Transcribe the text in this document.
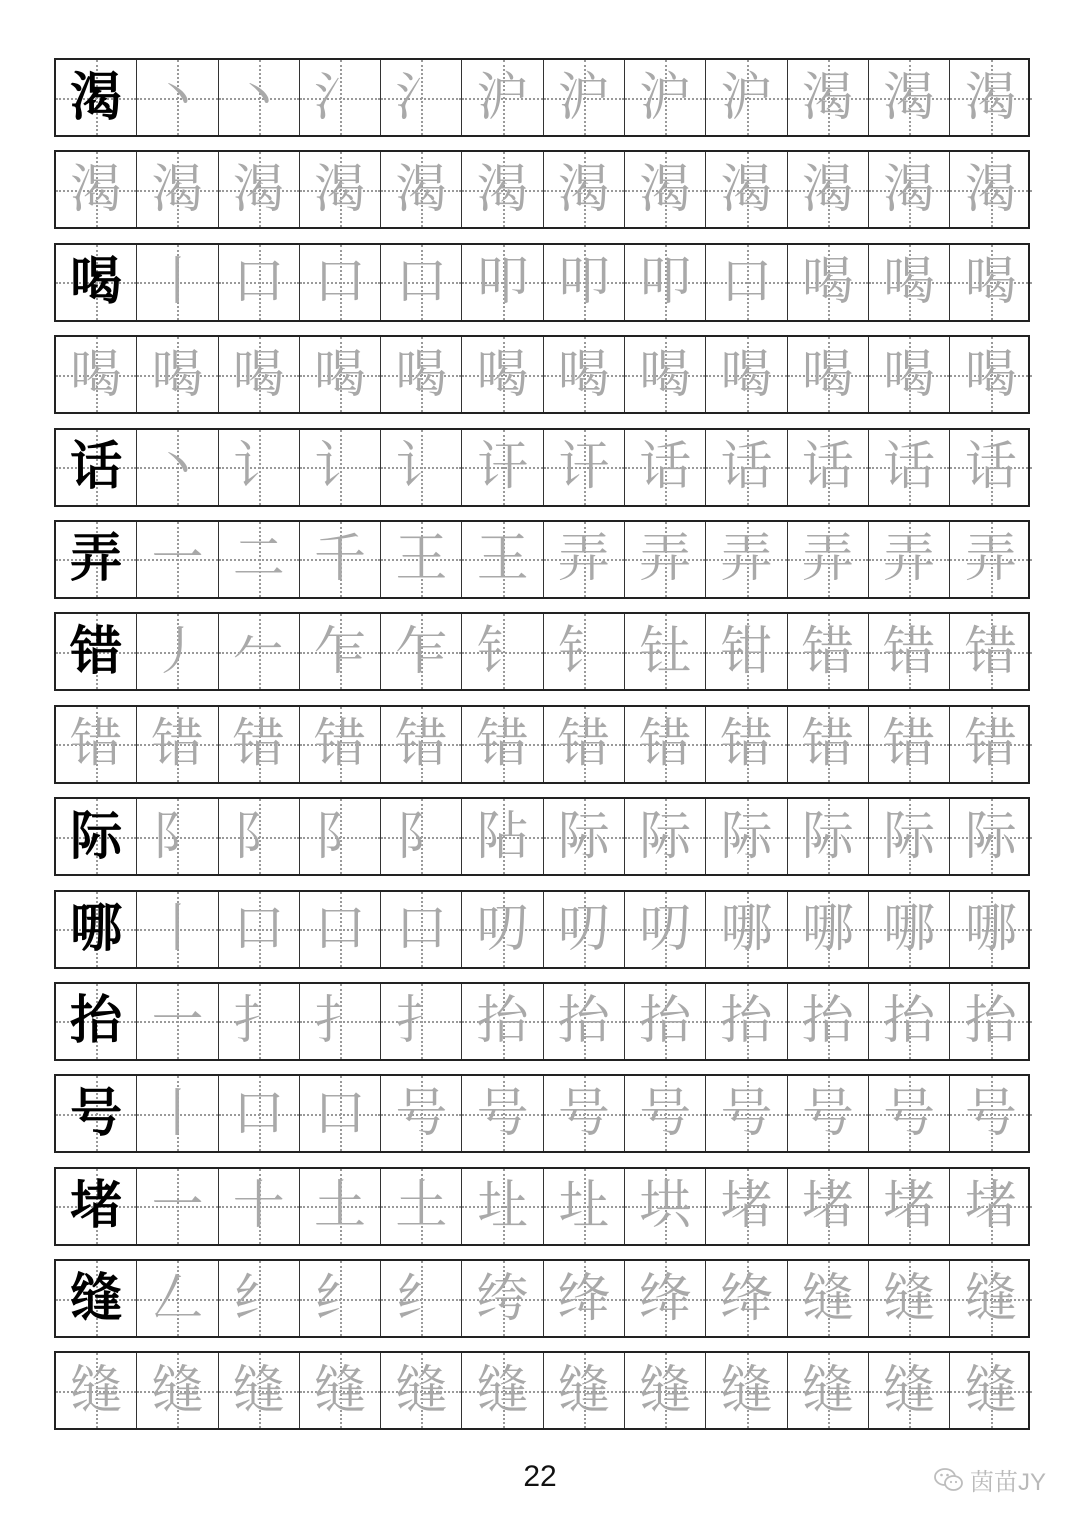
渴 丶 丶 氵 氵 沪 沪 沪 沪 渴 渴 渴
渴 渴 渴 渴 渴 渴 渴 渴 渴 渴 渴 渴
喝 丨 口 口 口 叩 叩 叩 口 喝 喝 喝
喝 喝 喝 喝 喝 喝 喝 喝 喝 喝 喝 喝
话 丶 讠 讠 讠 讦 讦 话 话 话 话 话
弄 一 二 千 王 王 弄 弄 弄 弄 弄 弄
错 丿 𠂉 乍 乍 钅 钅 钍 钳 错 错 错
错 错 错 错 错 错 错 错 错 错 错 错
际 阝 阝 阝 阝 阽 际 际 际 际 际 际
哪 丨 口 口 口 叨 叨 叨 哪 哪 哪 哪
抬 一 扌 扌 扌 抬 抬 抬 抬 抬 抬 抬
号 丨 口 口 号 号 号 号 号 号 号 号
堵 一 十 土 土 圵 圵 垬 堵 堵 堵 堵
缝 𠃋 纟 纟 纟 绔 绛 绛 绛 缝 缝 缝
缝 缝 缝 缝 缝 缝 缝 缝 缝 缝 缝 缝
22	茵苗JY
